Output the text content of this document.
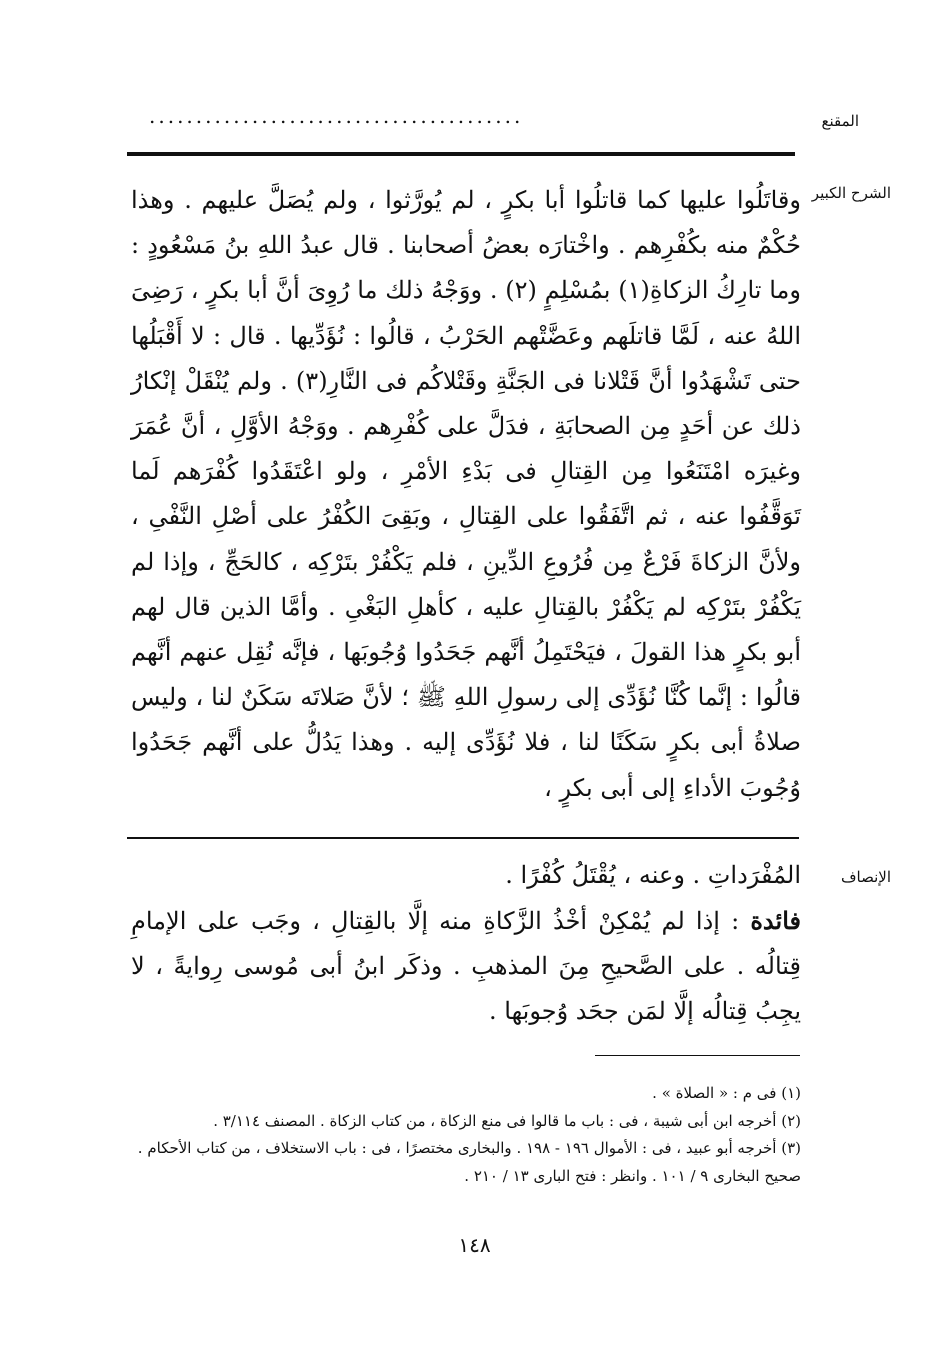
المقنع
........................................
الشرح الكبير
وقاتَلُوا عليها كما قاتلُوا أبا بكرٍ ، لم يُورَّثوا ، ولم يُصَلَّ عليهم . وهذا حُكْمٌ منه بكُفْرِهم . واخْتارَه بعضُ أصحابنا . قال عبدُ اللهِ بنُ مَسْعُودٍ : وما تارِكُ الزكاةِ(١) بمُسْلِمٍ (٢) . ووَجْهُ ذلك ما رُوِىَ أنَّ أبا بكرٍ ، رَضِىَ اللهُ عنه ، لَمَّا قاتلَهم وعَضَّتْهم الحَرْبُ ، قالُوا : نُؤَدِّيها . قال : لا أَقْبَلُها حتى تَشْهَدُوا أنَّ قَتْلانا فى الجَنَّةِ وقَتْلاكُم فى النَّارِ(٣) . ولم يُنْقَلْ إنْكارُ ذلك عن أحَدٍ مِن الصحابَةِ ، فدَلَّ على كُفْرِهم . ووَجْهُ الأوَّلِ ، أنَّ عُمَرَ وغيرَه امْتَنَعُوا مِن القِتالِ فى بَدْءِ الأمْرِ ، ولو اعْتَقَدُوا كُفْرَهم لَما تَوَقَّفُوا عنه ، ثم اتَّفَقُوا على القِتالِ ، وبَقِىَ الكُفْرُ على أصْلِ النَّفْىِ ، ولأنَّ الزكاةَ فَرْعٌ مِن فُرُوعِ الدِّينِ ، فلم يَكْفُرْ بتَرْكِه ، كالحَجِّ ، وإذا لم يَكْفُرْ بتَرْكِه لم يَكْفُرْ بالقِتالِ عليه ، كأهلِ البَغْىِ . وأمَّا الذين قال لهم أبو بكرٍ هذا القولَ ، فيَحْتَمِلُ أنَّهم جَحَدُوا وُجُوبَها ، فإنَّه نُقِل عنهم أنَّهم قالُوا : إنَّما كُنَّا نُؤَدِّى إلى رسولِ اللهِ ﷺ ؛ لأنَّ صَلاتَه سَكَنٌ لنا ، وليس صلاةُ أبى بكرٍ سَكَنًا لنا ، فلا نُؤَدِّى إليه . وهذا يَدُلُّ على أنَّهم جَحَدُوا وُجُوبَ الأداءِ إلى أبى بكرٍ ،
الإنصاف

المُفْرَداتِ . وعنه ، يُقْتَلُ كُفْرًا .

فائدة : إذا لم يُمْكِنْ أخْذُ الزَّكاةِ منه إلَّا بالقِتالِ ، وجَب على الإمامِ قِتالُه . على الصَّحيحِ مِنَ المذهبِ . وذكَر ابنُ أبى مُوسى رِوايةً ، لا يجِبُ قِتالُه إلَّا لمَن جحَد وُجوبَها .

(١) فى م : « الصلاة » .

(٢) أخرجه ابن أبى شيبة ، فى : باب ما قالوا فى منع الزكاة ، من كتاب الزكاة . المصنف ٣/١١٤ .

(٣) أخرجه أبو عبيد ، فى : الأموال ١٩٦ - ١٩٨ . والبخارى مختصرًا ، فى : باب الاستخلاف ، من كتاب الأحكام . صحيح البخارى ٩ / ١٠١ . وانظر : فتح البارى ١٣ / ٢١٠ .

١٤٨
